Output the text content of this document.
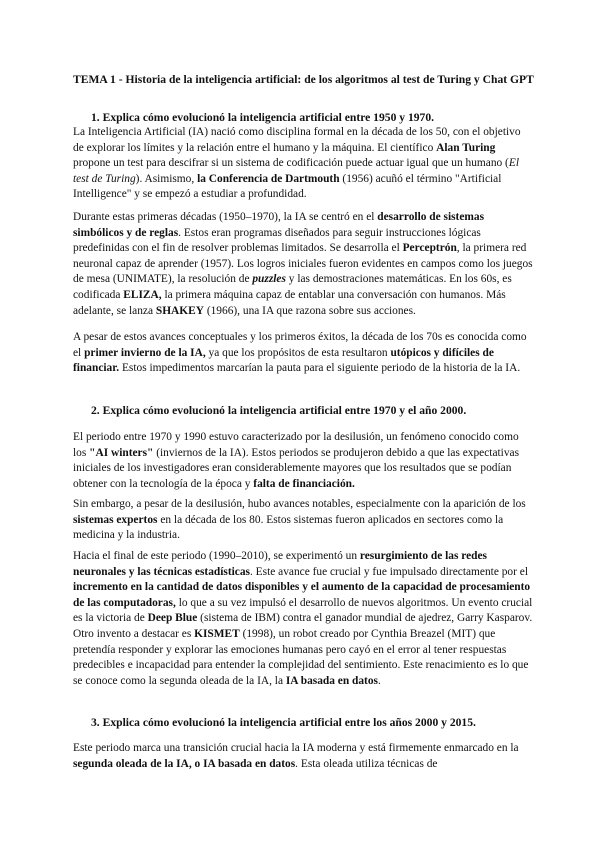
TEMA 1 - Historia de la inteligencia artificial: de los algoritmos al test de Turing y Chat GPT
1. Explica cómo evolucionó la inteligencia artificial entre 1950 y 1970.

La Inteligencia Artificial (IA) nació como disciplina formal en la década de los 50, con el objetivo de explorar los límites y la relación entre el humano y la máquina. El científico Alan Turing propone un test para descifrar si un sistema de codificación puede actuar igual que un humano (El test de Turing). Asimismo, la Conferencia de Dartmouth (1956) acuñó el término "Artificial Intelligence" y se empezó a estudiar a profundidad.

Durante estas primeras décadas (1950–1970), la IA se centró en el desarrollo de sistemas simbólicos y de reglas. Estos eran programas diseñados para seguir instrucciones lógicas predefinidas con el fin de resolver problemas limitados. Se desarrolla el Perceptrón, la primera red neuronal capaz de aprender (1957). Los logros iniciales fueron evidentes en campos como los juegos de mesa (UNIMATE), la resolución de puzzles y las demostraciones matemáticas. En los 60s, es codificada ELIZA, la primera máquina capaz de entablar una conversación con humanos. Más adelante, se lanza SHAKEY (1966), una IA que razona sobre sus acciones.

A pesar de estos avances conceptuales y los primeros éxitos, la década de los 70s es conocida como el primer invierno de la IA, ya que los propósitos de esta resultaron utópicos y difíciles de financiar. Estos impedimentos marcarían la pauta para el siguiente periodo de la historia de la IA.

2. Explica cómo evolucionó la inteligencia artificial entre 1970 y el año 2000.

El periodo entre 1970 y 1990 estuvo caracterizado por la desilusión, un fenómeno conocido como los "AI winters" (inviernos de la IA). Estos periodos se produjeron debido a que las expectativas iniciales de los investigadores eran considerablemente mayores que los resultados que se podían obtener con la tecnología de la época y falta de financiación.

Sin embargo, a pesar de la desilusión, hubo avances notables, especialmente con la aparición de los sistemas expertos en la década de los 80. Estos sistemas fueron aplicados en sectores como la medicina y la industria.

Hacia el final de este periodo (1990–2010), se experimentó un resurgimiento de las redes neuronales y las técnicas estadísticas. Este avance fue crucial y fue impulsado directamente por el incremento en la cantidad de datos disponibles y el aumento de la capacidad de procesamiento de las computadoras, lo que a su vez impulsó el desarrollo de nuevos algoritmos. Un evento crucial es la victoria de Deep Blue (sistema de IBM) contra el ganador mundial de ajedrez, Garry Kasparov. Otro invento a destacar es KISMET (1998), un robot creado por Cynthia Breazel (MIT) que pretendía responder y explorar las emociones humanas pero cayó en el error al tener respuestas predecibles e incapacidad para entender la complejidad del sentimiento. Este renacimiento es lo que se conoce como la segunda oleada de la IA, la IA basada en datos.

3. Explica cómo evolucionó la inteligencia artificial entre los años 2000 y 2015.

Este periodo marca una transición crucial hacia la IA moderna y está firmemente enmarcado en la segunda oleada de la IA, o IA basada en datos. Esta oleada utiliza técnicas de
